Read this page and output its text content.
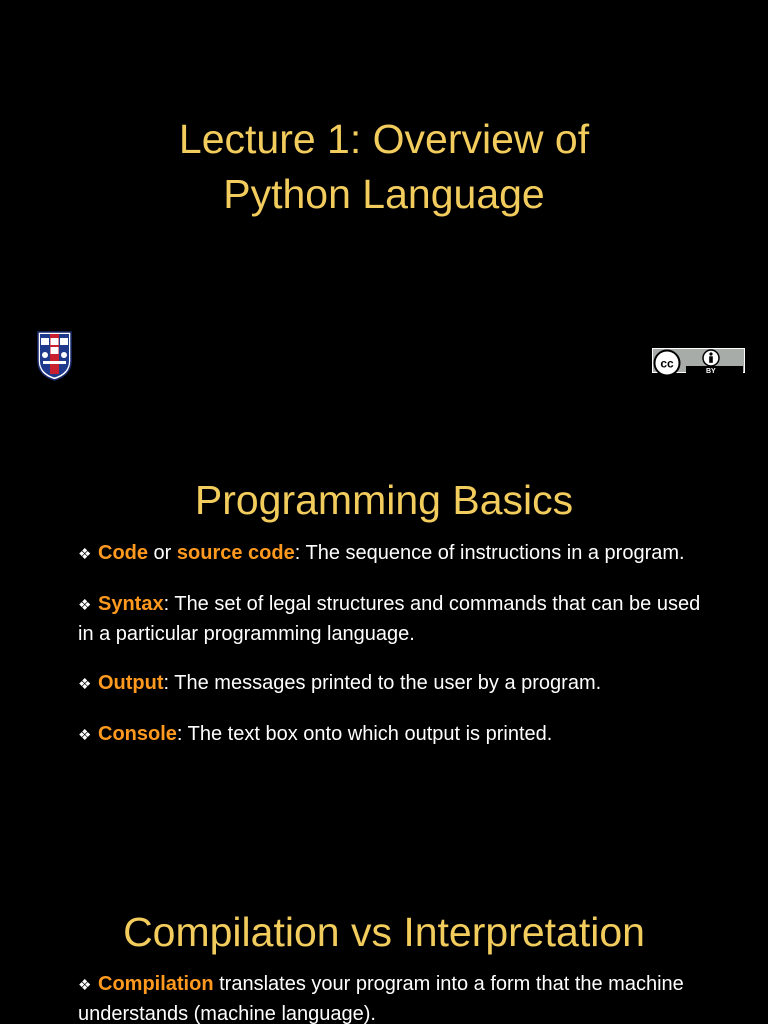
Lecture 1: Overview of
Python Language
cc
BY
Programming Basics
❖ Code or source code: The sequence of instructions in a program.
❖ Syntax: The set of legal structures and commands that can be used in a particular programming language.
❖ Output: The messages printed to the user by a program.
❖ Console: The text box onto which output is printed.
Compilation vs Interpretation
❖ Compilation translates your program into a form that the machine understands (machine language).
